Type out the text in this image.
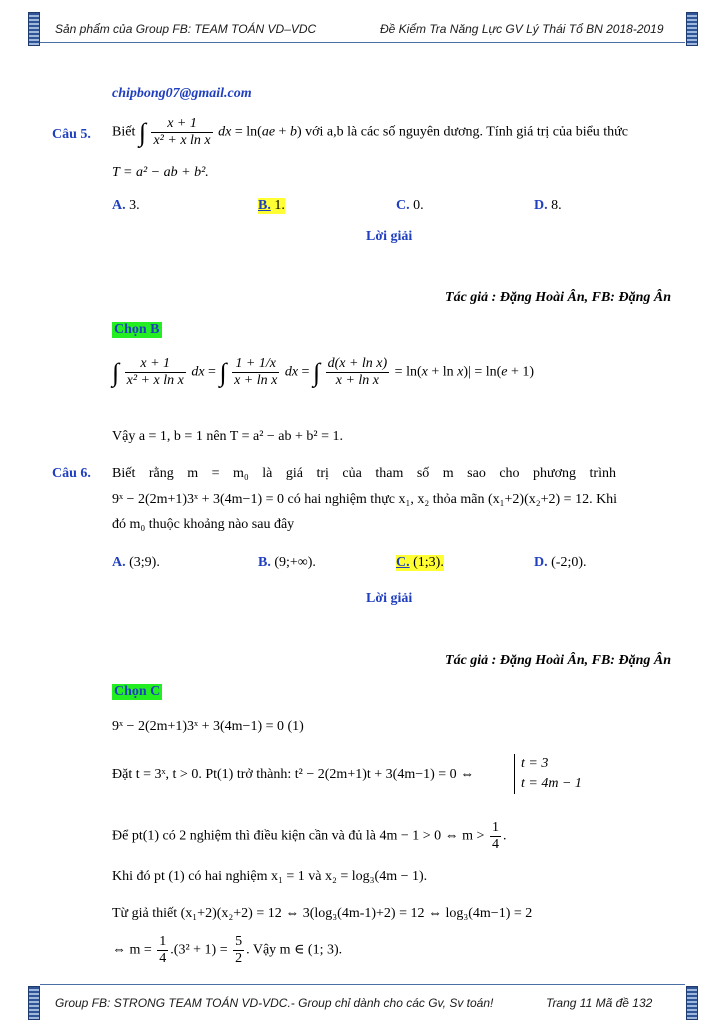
Sản phẩm của Group FB: TEAM TOÁN VD–VDC	Đề Kiểm Tra Năng Lực GV Lý Thái Tổ BN 2018-2019
chipbong07@gmail.com
Câu 5. Biết ∫ $\frac{x + 1}{\text{x² + x ln x}}$ dx = ln(ae + b) với a,b là các số nguyên dương. Tính giá trị của biểu thức
T = a² − ab + b².
A. 3.	B. 1.	C. 0.	D. 8.
Lời giải
Tác giả : Đặng Hoài Ân, FB: Đặng Ân
Chọn B
∫ $\frac{x + 1}{\text{x² + x ln x}}$ dx = ∫ $\frac{1 + 1/x}{\text{x + ln x}}$ dx = ∫ $\frac{\text{d(x + ln x)}}{\text{x + ln x}} = \ln(x + \ln x)| = \ln(e + 1)$
Vậy a = 1, b = 1 nên T = a² − ab + b² = 1.
Câu 6. Biết rằng m = m₀ là giá trị của tham số m sao cho phương trình
9ˣ − 2(2m+1)3ˣ + 3(4m−1) = 0 có hai nghiệm thực x₁, x₂ thỏa mãn (x₁+2)(x₂+2) = 12. Khi
đó m₀ thuộc khoảng nào sau đây
A. (3;9).	B. (9;+∞).	C. (1;3).	D. (-2;0).
Lời giải
Tác giả : Đặng Hoài Ân, FB: Đặng Ân
Chọn C
9ˣ − 2(2m+1)3ˣ + 3(4m−1) = 0 (1)
Đặt t = 3ˣ, t > 0. Pt(1) trở thành: t² − 2(2m+1)t + 3(4m−1) = 0 ⇔
t = 3
t = 4m − 1
Để pt(1) có 2 nghiệm thì điều kiện cần và đủ là 4m − 1 > 0 ⇔ $m > \frac{1}{4}$ .
Khi đó pt (1) có hai nghiệm x₁ = 1 và x₂ = log₃(4m − 1).
Từ giả thiết (x₁+2)(x₂+2) = 12 ⇔ 3(log₃(4m-1)+2) = 12 ⇔ log₃(4m−1) = 2
⇔ $m = \frac{1}{4} .(3^2 + 1) = \frac{5}{2}$ . Vậy m ∈ (1; 3).
Group FB: STRONG TEAM TOÁN VD-VDC.- Group chỉ dành cho các Gv, Sv toán!	Trang 11 Mã đề 132
